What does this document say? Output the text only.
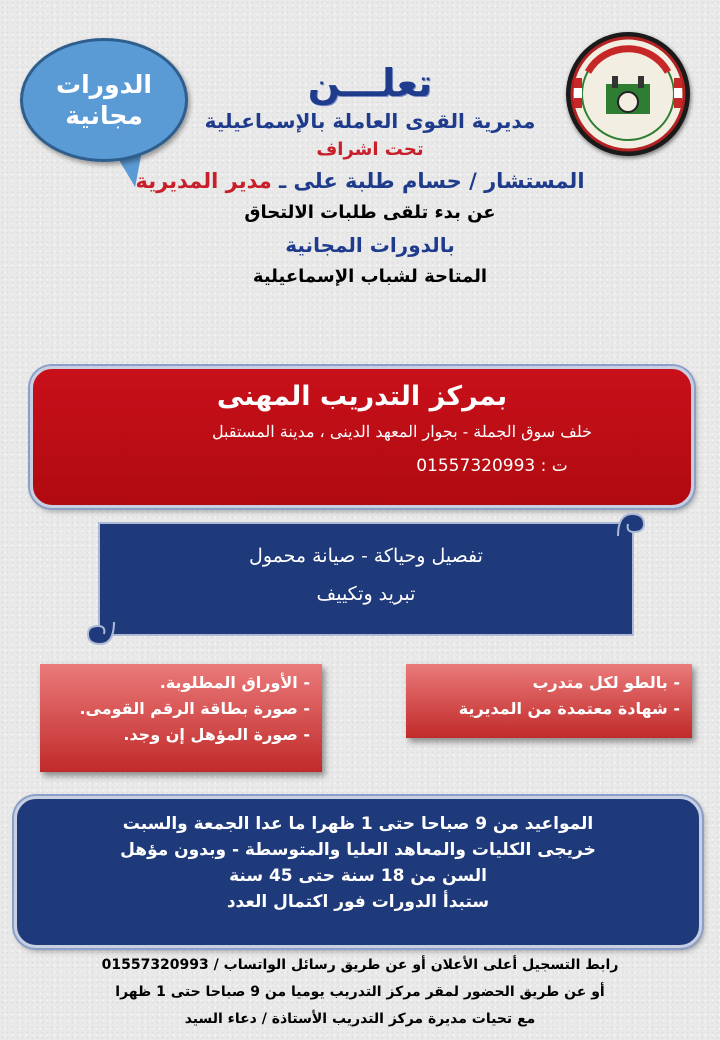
الدورات
مجانية
تعلـــن
مديرية القوى العاملة بالإسماعيلية
تحت اشراف
المستشار / حسام طلبة على ـ مدير المديرية
عن بدء تلقى طلبات الالتحاق
بالدورات المجانية
المتاحة لشباب الإسماعيلية
بمركز التدريب المهنى
خلف سوق الجملة - بجوار المعهد الدينى ، مدينة المستقبل
ت : 01557320993
تفصيل وحياكة - صيانة محمول
تبريد وتكييف
- الأوراق المطلوبة.
- صورة بطاقة الرقم القومى.
- صورة المؤهل إن وجد.
- بالطو لكل متدرب
- شهادة معتمدة من المديرية
المواعيد من 9 صباحا حتى 1 ظهرا ما عدا الجمعة والسبت
خريجى الكليات والمعاهد العليا والمتوسطة - وبدون مؤهل
السن من 18 سنة حتى 45 سنة
ستبدأ الدورات فور اكتمال العدد
رابط التسجيل أعلى الأعلان أو عن طريق رسائل الواتساب / 01557320993
أو عن طريق الحضور لمقر مركز التدريب يوميا من 9 صباحا حتى 1 ظهرا
مع تحيات مديرة مركز التدريب الأستاذة / دعاء السيد
